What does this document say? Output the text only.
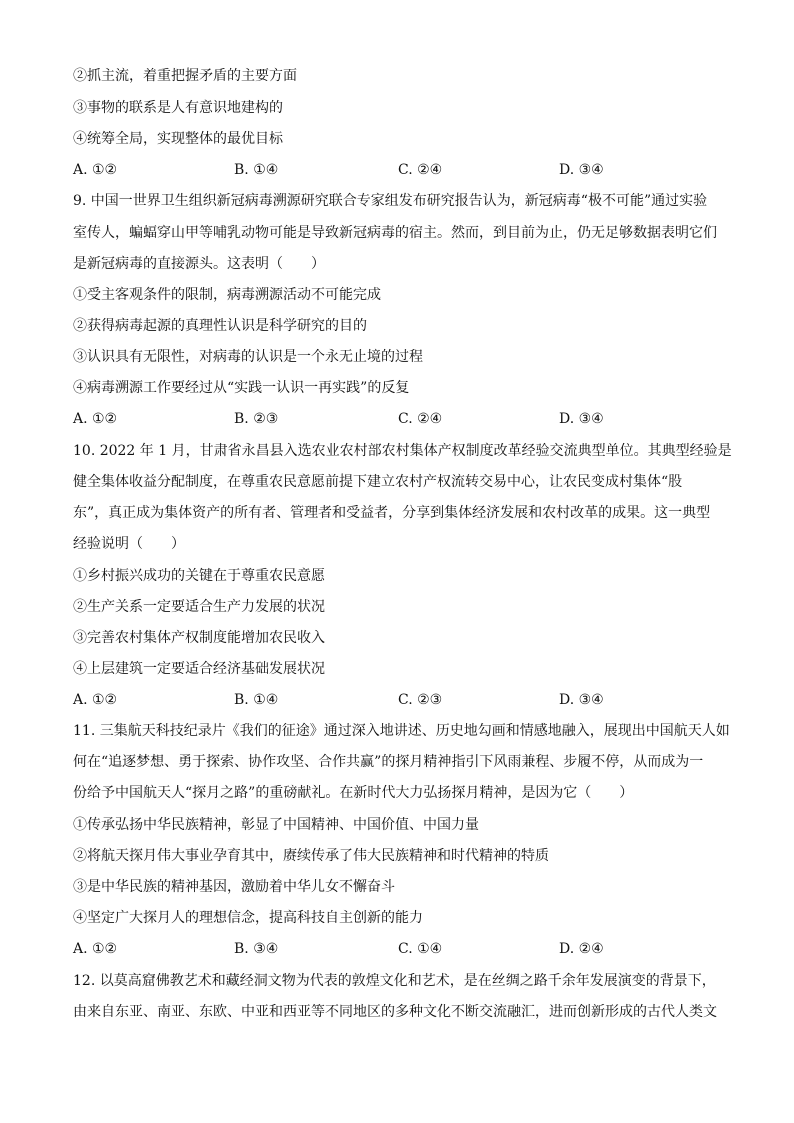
②抓主流，着重把握矛盾的主要方面
③事物的联系是人有意识地建构的
④统筹全局，实现整体的最优目标
A. ①②	B. ①④	C. ②④	D. ③④
9. 中国一世界卫生组织新冠病毒溯源研究联合专家组发布研究报告认为，新冠病毒“极不可能”通过实验
室传人，蝙蝠穿山甲等哺乳动物可能是导致新冠病毒的宿主。然而，到目前为止，仍无足够数据表明它们
是新冠病毒的直接源头。这表明（　　）
①受主客观条件的限制，病毒溯源活动不可能完成
②获得病毒起源的真理性认识是科学研究的目的
③认识具有无限性，对病毒的认识是一个永无止境的过程
④病毒溯源工作要经过从“实践一认识一再实践”的反复
A. ①②	B. ②③	C. ②④	D. ③④
10. 2022 年 1 月，甘肃省永昌县入选农业农村部农村集体产权制度改革经验交流典型单位。其典型经验是
健全集体收益分配制度，在尊重农民意愿前提下建立农村产权流转交易中心，让农民变成村集体“股
东”，真正成为集体资产的所有者、管理者和受益者，分享到集体经济发展和农村改革的成果。这一典型
经验说明（　　）
①乡村振兴成功的关键在于尊重农民意愿
②生产关系一定要适合生产力发展的状况
③完善农村集体产权制度能增加农民收入
④上层建筑一定要适合经济基础发展状况
A. ①②	B. ①④	C. ②③	D. ③④
11. 三集航天科技纪录片《我们的征途》通过深入地讲述、历史地勾画和情感地融入，展现出中国航天人如
何在“追逐梦想、勇于探索、协作攻坚、合作共赢”的探月精神指引下风雨兼程、步履不停，从而成为一
份给予中国航天人“探月之路”的重磅献礼。在新时代大力弘扬探月精神，是因为它（　　）
①传承弘扬中华民族精神，彰显了中国精神、中国价值、中国力量
②将航天探月伟大事业孕育其中，赓续传承了伟大民族精神和时代精神的特质
③是中华民族的精神基因，激励着中华儿女不懈奋斗
④坚定广大探月人的理想信念，提高科技自主创新的能力
A. ①②	B. ③④	C. ①④	D. ②④
12. 以莫高窟佛教艺术和藏经洞文物为代表的敦煌文化和艺术，是在丝绸之路千余年发展演变的背景下，
由来自东亚、南亚、东欧、中亚和西亚等不同地区的多种文化不断交流融汇，进而创新形成的古代人类文
